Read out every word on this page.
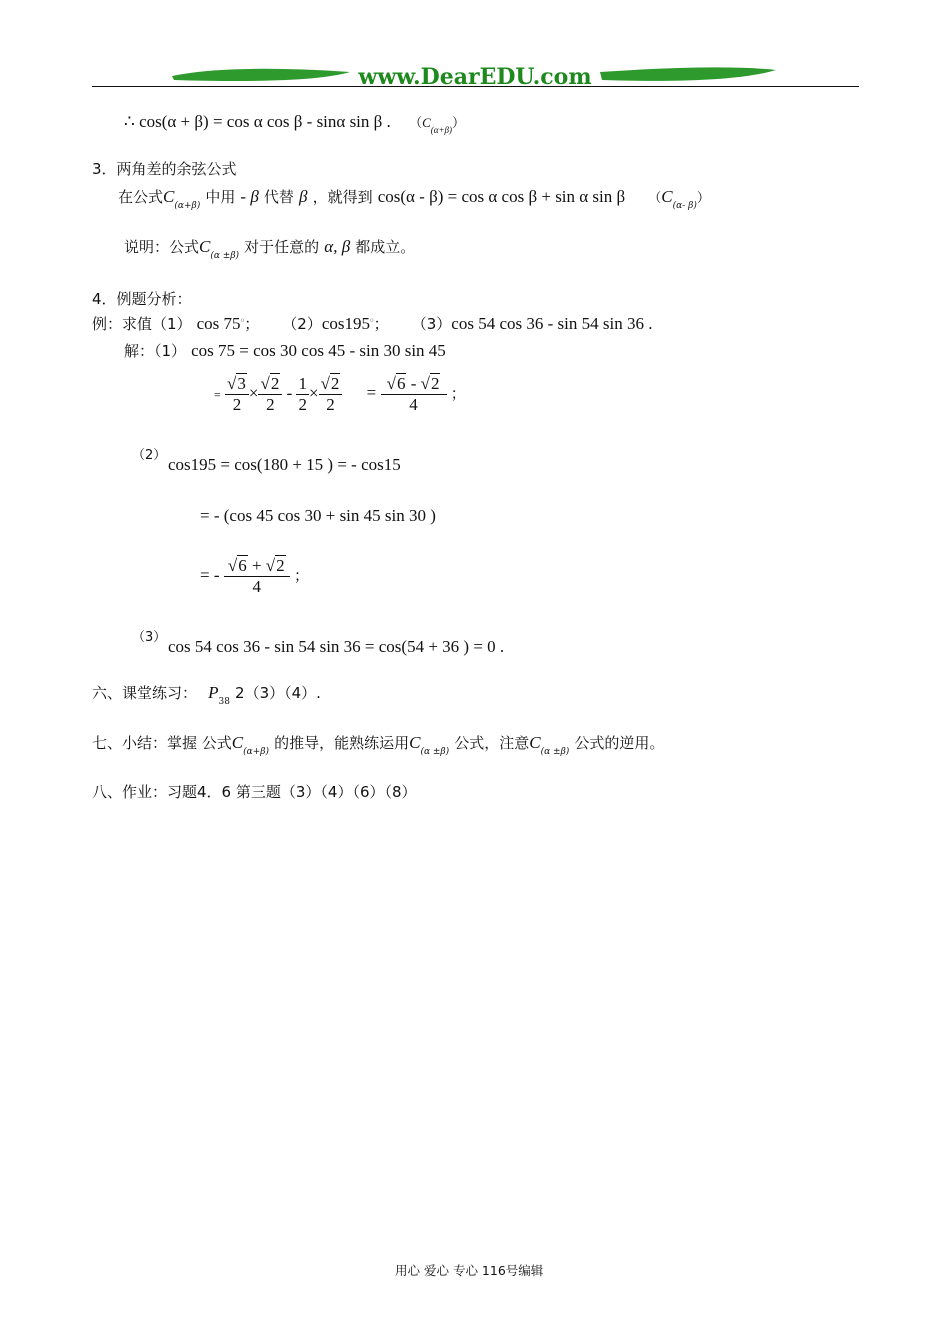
www.DearEDU.com
∴ cos(α + β) = cos α cos β - sinα sin β . $(C_{(\alpha+\beta)})$
3．两角差的余弦公式
在公式$C_{(\alpha+\beta)}$ 中用 - β 代替 β ，就得到 cos(α - β) = cos α cos β + sin α sin β $(C_{(\alpha- \beta)})$
说明：公式$C_{(\alpha \pm\beta)}$ 对于任意的 α, β 都成立。
4．例题分析：
例：求值（1） cos 75$^o$； （2）cos195$^o$； （3）cos 54 cos 36 - sin 54 sin 36 .
解：（1） cos 75 = cos 30 cos 45 - sin 30 sin 45
= $\frac{√3}{2} \times \frac{√2}{2} - \frac{1}{2} \times \frac{√2}{2} = \frac{√6 - √2}{4}$ ；
（2） cos195 = cos(180 + 15 ) = - cos15
= - (cos 45 cos 30 + sin 45 sin 30 )
= - $\frac{√6 + √2}{4}$ ；
（3） cos 54 cos 36 - sin 54 sin 36 = cos(54 + 36 ) = 0 .
六、课堂练习： $P_{38}$ 2（3）（4）.
七、小结：掌握 公式$C_{(\alpha+\beta)}$ 的推导，能熟练运用$C_{(\alpha \pm\beta)}$ 公式，注意$C_{(\alpha \pm\beta)}$ 公式的逆用。
八、作业：习题4．6 第三题（3）（4）（6）（8）
用心 爱心 专心 116号编辑
